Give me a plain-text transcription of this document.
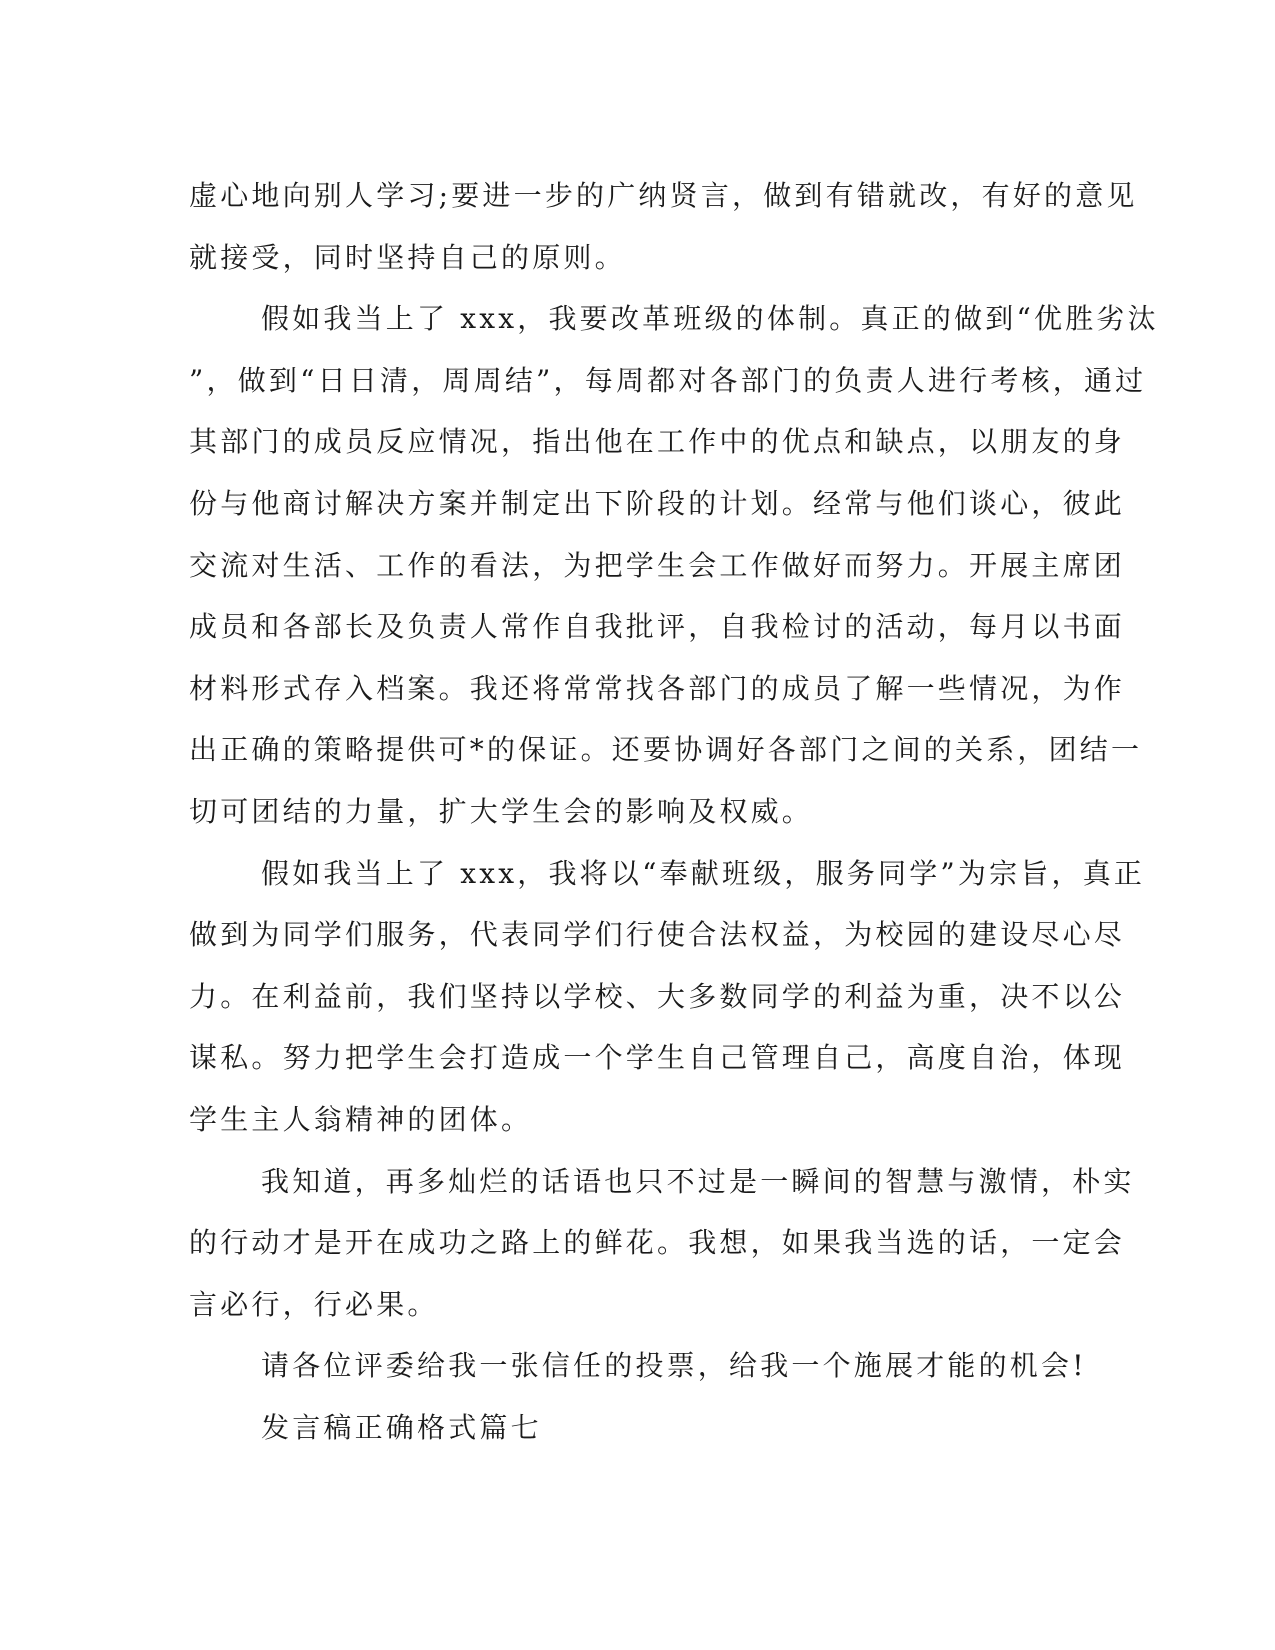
虚心地向别人学习;要进一步的广纳贤言，做到有错就改，有好的意见
就接受，同时坚持自己的原则。
假如我当上了 xxx，我要改革班级的体制。真正的做到“优胜劣汰
”，做到“日日清，周周结”，每周都对各部门的负责人进行考核，通过
其部门的成员反应情况，指出他在工作中的优点和缺点，以朋友的身
份与他商讨解决方案并制定出下阶段的计划。经常与他们谈心，彼此
交流对生活、工作的看法，为把学生会工作做好而努力。开展主席团
成员和各部长及负责人常作自我批评，自我检讨的活动，每月以书面
材料形式存入档案。我还将常常找各部门的成员了解一些情况，为作
出正确的策略提供可*的保证。还要协调好各部门之间的关系，团结一
切可团结的力量，扩大学生会的影响及权威。
假如我当上了 xxx，我将以“奉献班级，服务同学”为宗旨，真正
做到为同学们服务，代表同学们行使合法权益，为校园的建设尽心尽
力。在利益前，我们坚持以学校、大多数同学的利益为重，决不以公
谋私。努力把学生会打造成一个学生自己管理自己，高度自治，体现
学生主人翁精神的团体。
我知道，再多灿烂的话语也只不过是一瞬间的智慧与激情，朴实
的行动才是开在成功之路上的鲜花。我想，如果我当选的话，一定会
言必行，行必果。
请各位评委给我一张信任的投票，给我一个施展才能的机会!
发言稿正确格式篇七
